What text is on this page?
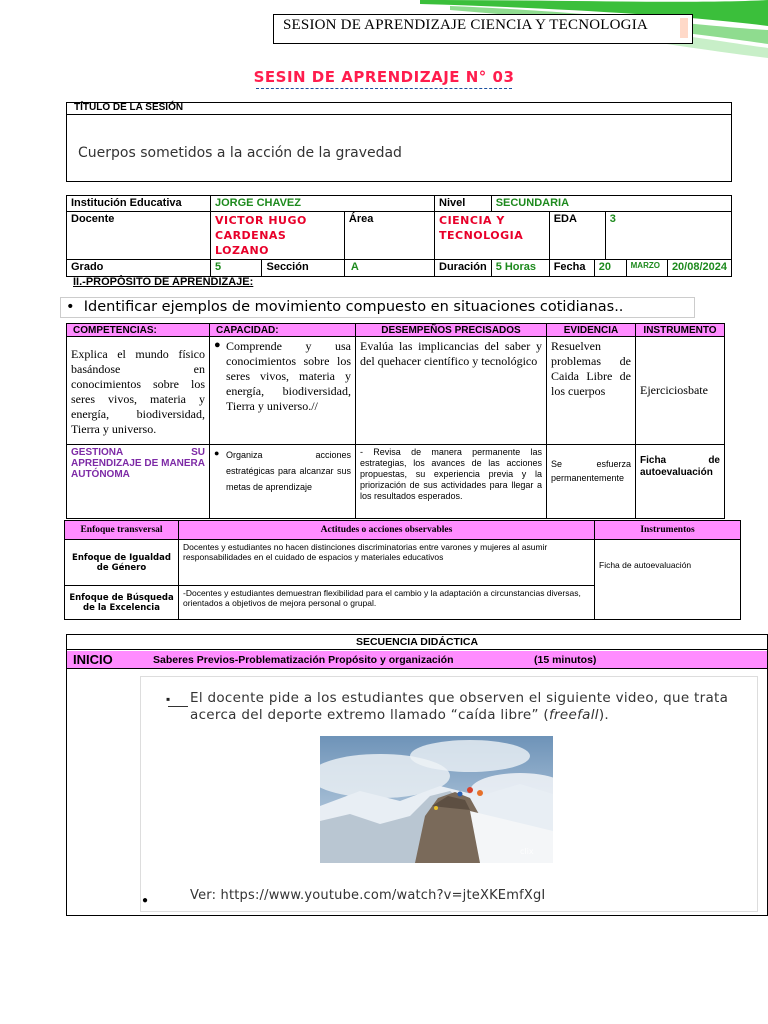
SESION DE APRENDIZAJE CIENCIA Y TECNOLOGIA
SESIN DE APRENDIZAJE N° 03
TÍTULO DE LA SESIÓN
Cuerpos sometidos a la acción de la gravedad
Institución Educativa	JORGE CHAVEZ	Nivel	SECUNDARIA
Docente	VICTOR HUGO CARDENAS LOZANO	Área	CIENCIA Y TECNOLOGIA	EDA	3
Grado	5	Sección	A	Duración	5 Horas	Fecha	20	MARZO	20/08/2024
II.-PROPÒSITO DE APRENDIZAJE:
•  Identificar ejemplos de movimiento compuesto en situaciones cotidianas..
COMPETENCIAS:	CAPACIDAD:	DESEMPEÑOS PRECISADOS	EVIDENCIA	INSTRUMENTO
Explica el mundo físico basándose en conocimientos sobre los seres vivos, materia y energía, biodiversidad, Tierra y universo.	● Comprende y usa conocimientos sobre los seres vivos, materia y energía, biodiversidad, Tierra y universo.//	Evalúa las implicancias del saber y del quehacer científico y tecnológico	Resuelven problemas de Caida Libre de los cuerpos	Ejerciciosbate
GESTIONA SU APRENDIZAJE DE MANERA AUTÓNOMA	● Organiza acciones estratégicas para alcanzar sus metas de aprendizaje	- Revisa de manera permanente las estrategias, los avances de las acciones propuestas, su experiencia previa y la priorización de sus actividades para llegar a los resultados esperados.	Se esfuerza permanentemente	Ficha de autoevaluación
Enfoque transversal	Actitudes o acciones observables	Instrumentos
Enfoque de Igualdad de Género	Docentes y estudiantes no hacen distinciones discriminatorias entre varones y mujeres al asumir responsabilidades en el cuidado de espacios y materiales educativos	Ficha de autoevaluación
Enfoque de Búsqueda de la Excelencia	-Docentes y estudiantes demuestran flexibilidad para el cambio y la adaptación a circunstancias diversas, orientados a objetivos de mejora personal o grupal.	
SECUENCIA DIDÁCTICA
INICIO	Saberes Previos-Problematización Propósito y organización	(15 minutos)
▪ El docente pide a los estudiantes que observen el siguiente video, que trata acerca del deporte extremo llamado “caída libre” (freefall).
clix
●	Ver: https://www.youtube.com/watch?v=jteXKEmfXgI
